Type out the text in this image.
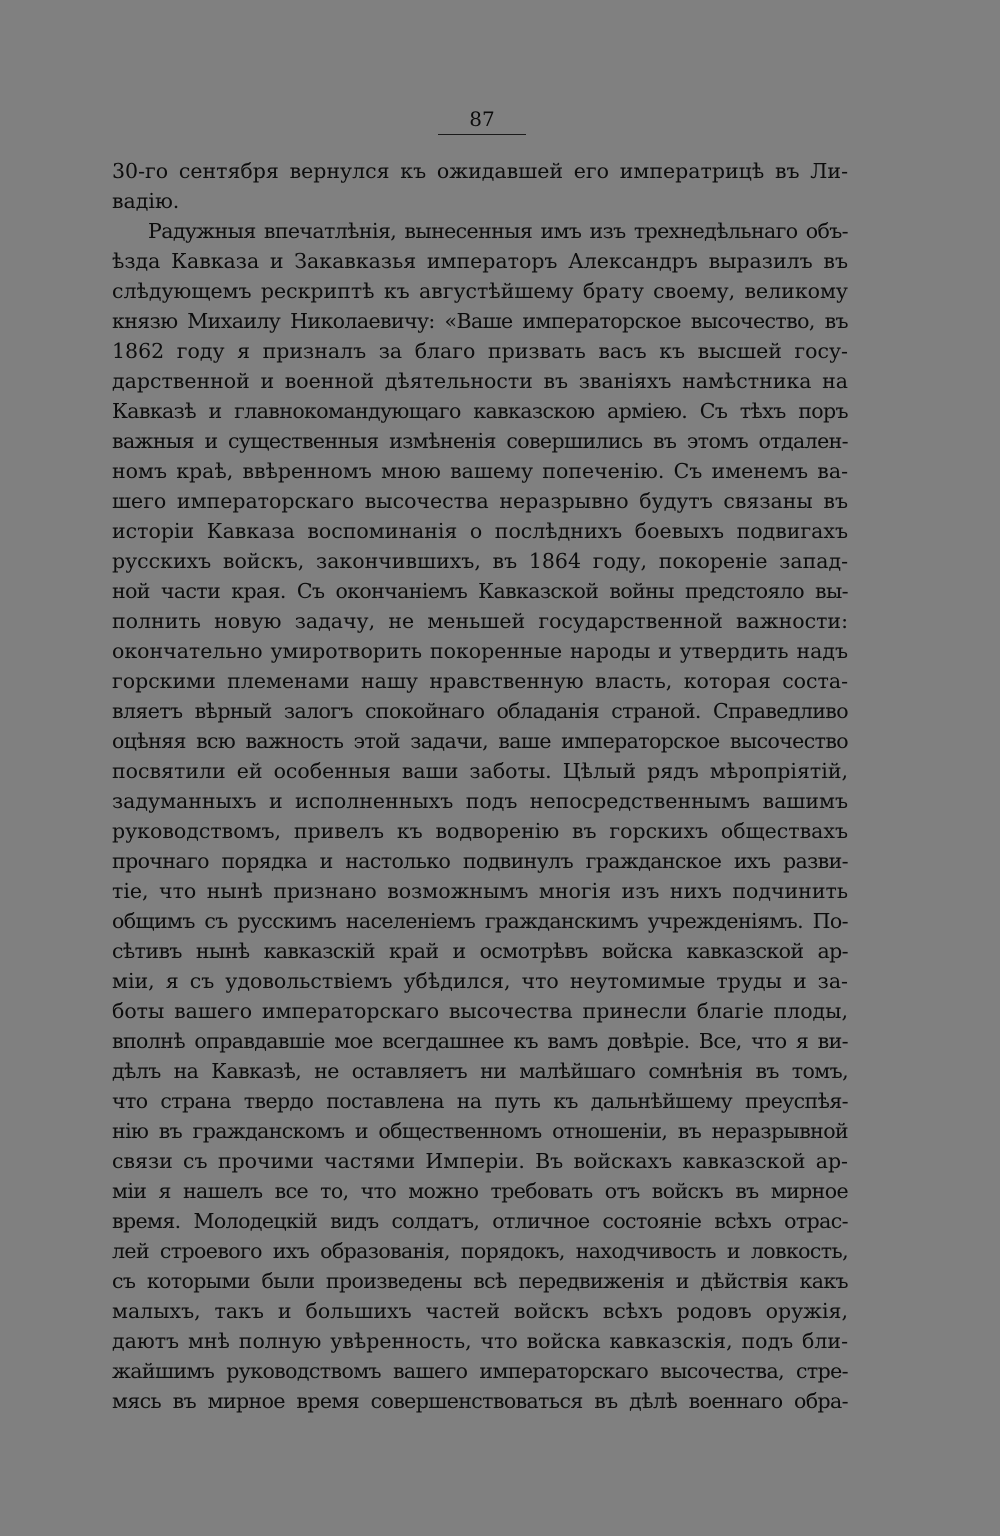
87
30-го сентября вернулся къ ожидавшей его императрицѣ въ Ли-
вадію.
Радужныя впечатлѣнія, вынесенныя имъ изъ трехнедѣльнаго объ-
ѣзда Кавказа и Закавказья императоръ Александръ выразилъ въ
слѣдующемъ рескриптѣ къ августѣйшему брату своему, великому
князю Михаилу Николаевичу: «Ваше императорское высочество, въ
1862 году я призналъ за благо призвать васъ къ высшей госу-
дарственной и военной дѣятельности въ званіяхъ намѣстника на
Кавказѣ и главнокомандующаго кавказскою арміею. Съ тѣхъ поръ
важныя и существенныя измѣненія совершились въ этомъ отдален-
номъ краѣ, ввѣренномъ мною вашему попеченію. Съ именемъ ва-
шего императорскаго высочества неразрывно будутъ связаны въ
исторіи Кавказа воспоминанія о послѣднихъ боевыхъ подвигахъ
русскихъ войскъ, закончившихъ, въ 1864 году, покореніе запад-
ной части края. Съ окончаніемъ Кавказской войны предстояло вы-
полнить новую задачу, не меньшей государственной важности:
окончательно умиротворить покоренные народы и утвердить надъ
горскими племенами нашу нравственную власть, которая соста-
вляетъ вѣрный залогъ спокойнаго обладанія страной. Справедливо
оцѣняя всю важность этой задачи, ваше императорское высочество
посвятили ей особенныя ваши заботы. Цѣлый рядъ мѣропріятій,
задуманныхъ и исполненныхъ подъ непосредственнымъ вашимъ
руководствомъ, привелъ къ водворенію въ горскихъ обществахъ
прочнаго порядка и настолько подвинулъ гражданское ихъ разви-
тіе, что нынѣ признано возможнымъ многія изъ нихъ подчинить
общимъ съ русскимъ населеніемъ гражданскимъ учрежденіямъ. По-
сѣтивъ нынѣ кавказскій край и осмотрѣвъ войска кавказской ар-
міи, я съ удовольствіемъ убѣдился, что неутомимые труды и за-
боты вашего императорскаго высочества принесли благіе плоды,
вполнѣ оправдавшіе мое всегдашнее къ вамъ довѣріе. Все, что я ви-
дѣлъ на Кавказѣ, не оставляетъ ни малѣйшаго сомнѣнія въ томъ,
что страна твердо поставлена на путь къ дальнѣйшему преуспѣя-
нію въ гражданскомъ и общественномъ отношеніи, въ неразрывной
связи съ прочими частями Имперіи. Въ войскахъ кавказской ар-
міи я нашелъ все то, что можно требовать отъ войскъ въ мирное
время. Молодецкій видъ солдатъ, отличное состояніе всѣхъ отрас-
лей строевого ихъ образованія, порядокъ, находчивость и ловкость,
съ которыми были произведены всѣ передвиженія и дѣйствія какъ
малыхъ, такъ и большихъ частей войскъ всѣхъ родовъ оружія,
даютъ мнѣ полную увѣренность, что войска кавказскія, подъ бли-
жайшимъ руководствомъ вашего императорскаго высочества, стре-
мясь въ мирное время совершенствоваться въ дѣлѣ военнаго обра-
